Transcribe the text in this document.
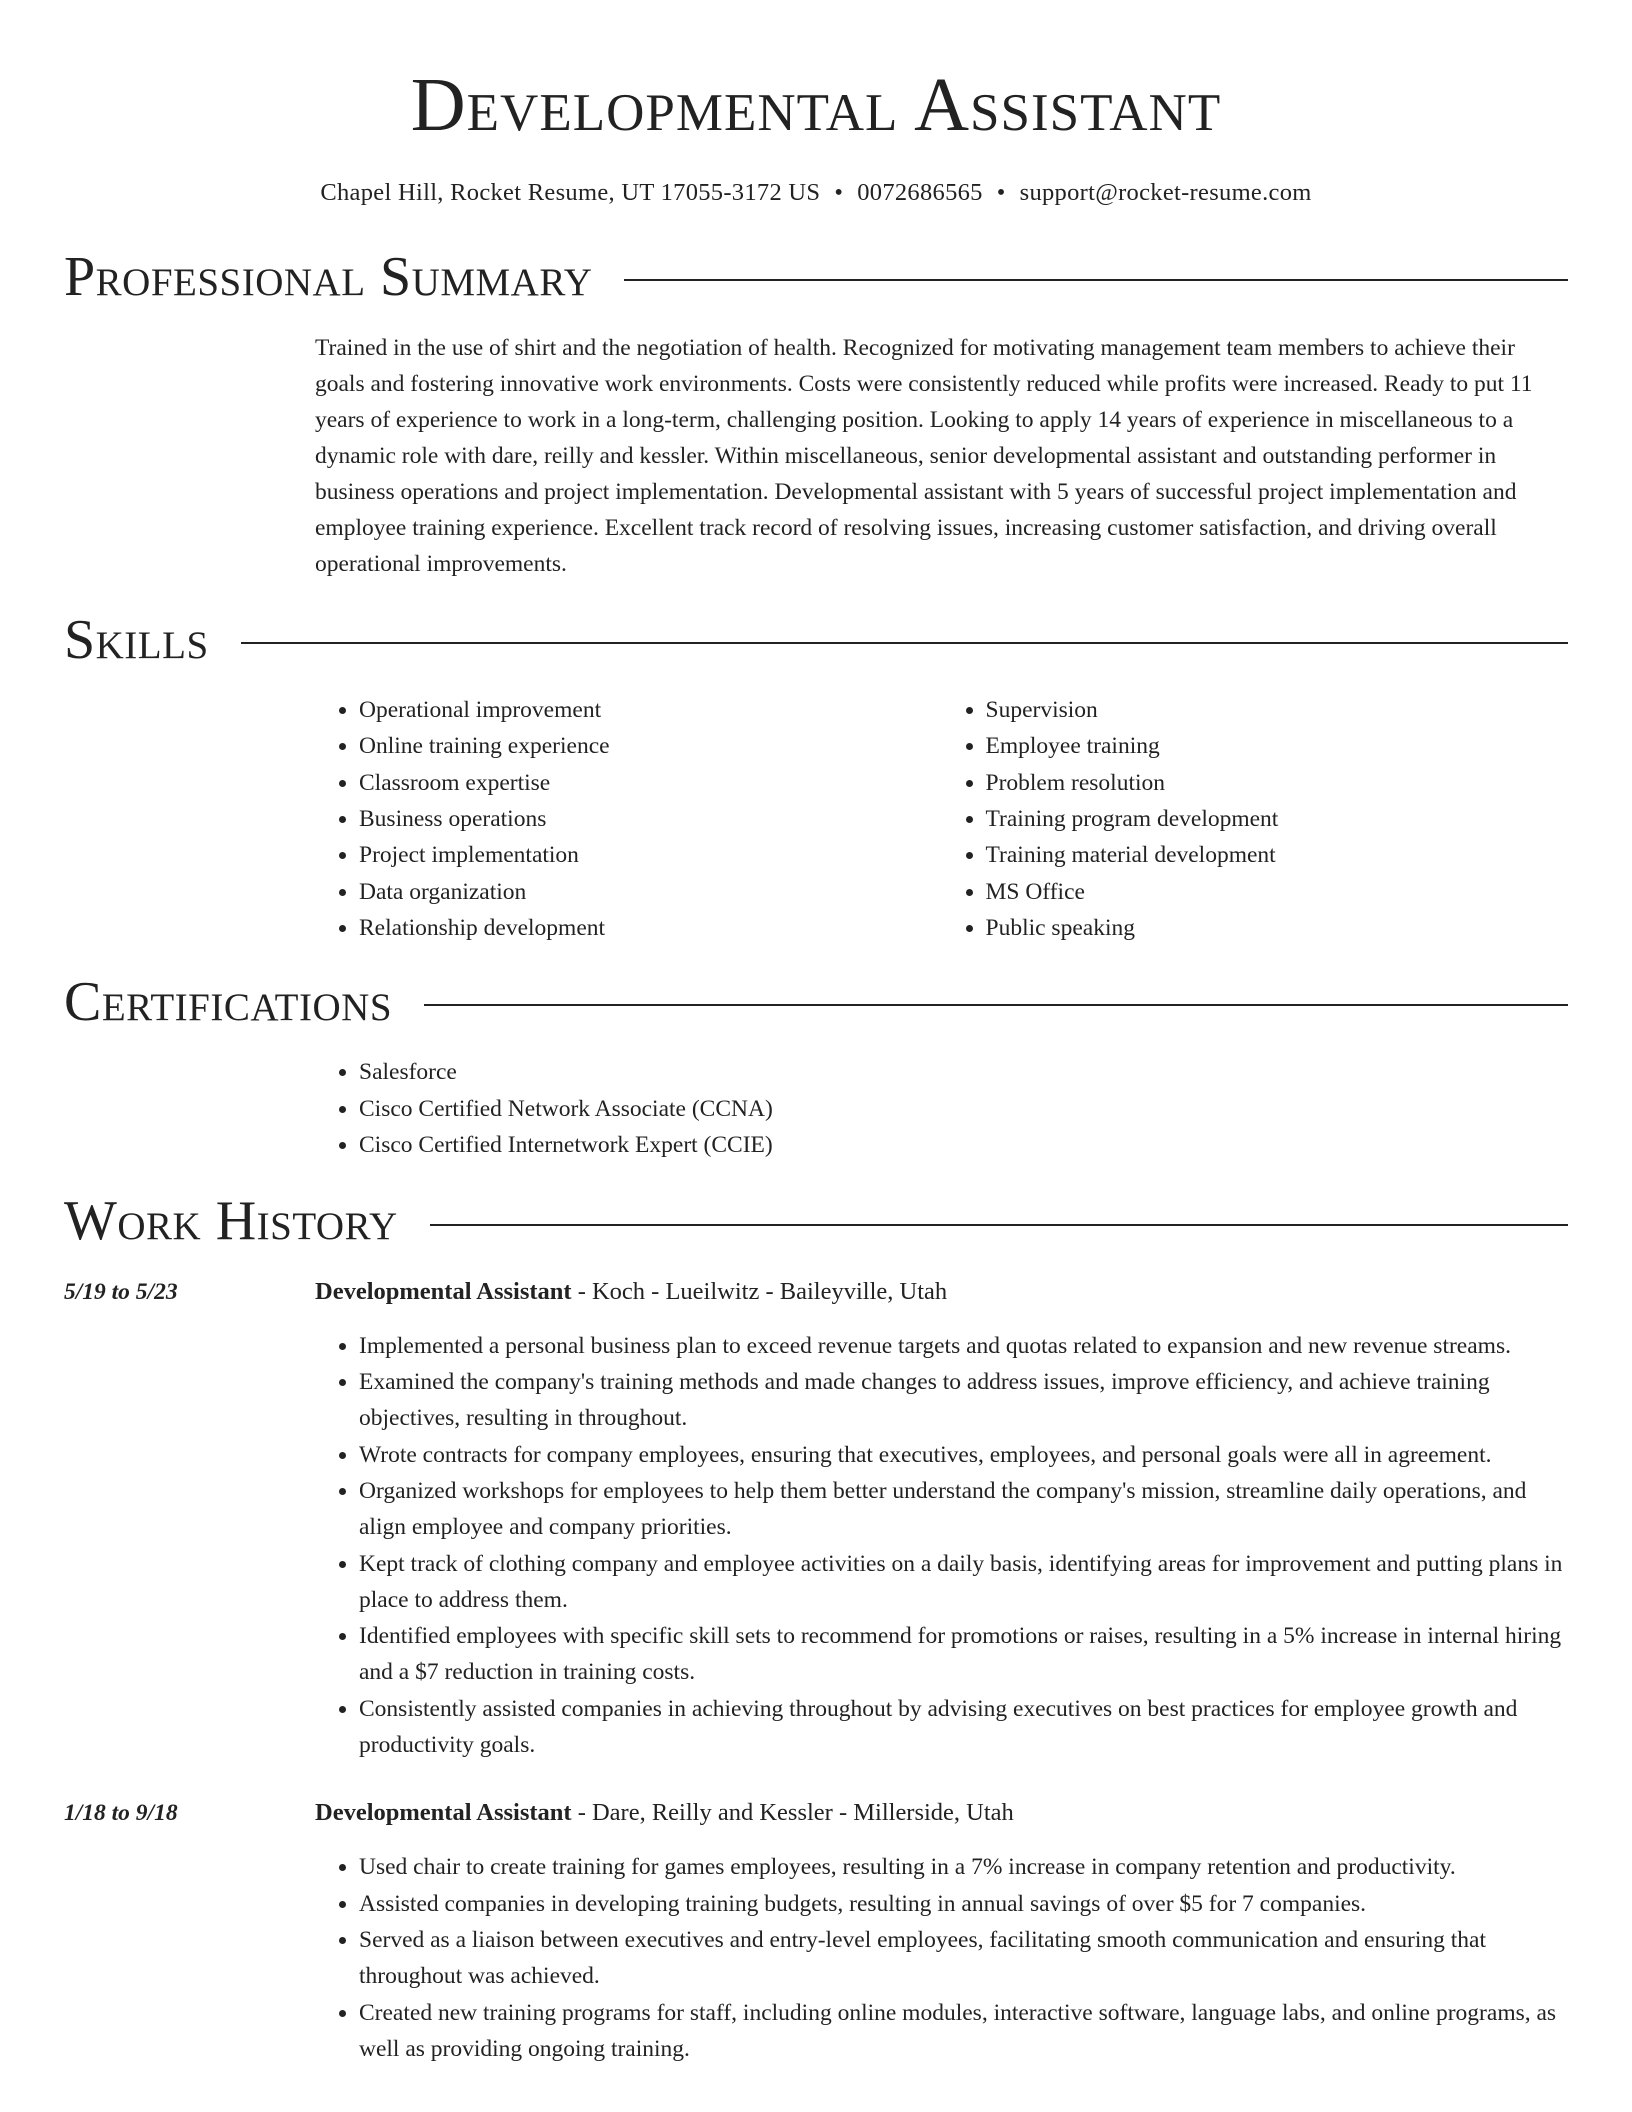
Developmental Assistant
Chapel Hill, Rocket Resume, UT 17055-3172 US • 0072686565 • support@rocket-resume.com
Professional Summary

Trained in the use of shirt and the negotiation of health. Recognized for motivating management team members to achieve their goals and fostering innovative work environments. Costs were consistently reduced while profits were increased. Ready to put 11 years of experience to work in a long-term, challenging position. Looking to apply 14 years of experience in miscellaneous to a dynamic role with dare, reilly and kessler. Within miscellaneous, senior developmental assistant and outstanding performer in business operations and project implementation. Developmental assistant with 5 years of successful project implementation and employee training experience. Excellent track record of resolving issues, increasing customer satisfaction, and driving overall operational improvements.

Skills
• Operational improvement
• Online training experience
• Classroom expertise
• Business operations
• Project implementation
• Data organization
• Relationship development
• Supervision
• Employee training
• Problem resolution
• Training program development
• Training material development
• MS Office
• Public speaking
Certifications
• Salesforce
• Cisco Certified Network Associate (CCNA)
• Cisco Certified Internetwork Expert (CCIE)
Work History
5/19 to 5/23	Developmental Assistant - Koch - Lueilwitz - Baileyville, Utah
• Implemented a personal business plan to exceed revenue targets and quotas related to expansion and new revenue streams.
• Examined the company's training methods and made changes to address issues, improve efficiency, and achieve training objectives, resulting in throughout.
• Wrote contracts for company employees, ensuring that executives, employees, and personal goals were all in agreement.
• Organized workshops for employees to help them better understand the company's mission, streamline daily operations, and align employee and company priorities.
• Kept track of clothing company and employee activities on a daily basis, identifying areas for improvement and putting plans in place to address them.
• Identified employees with specific skill sets to recommend for promotions or raises, resulting in a 5% increase in internal hiring and a $7 reduction in training costs.
• Consistently assisted companies in achieving throughout by advising executives on best practices for employee growth and productivity goals.
1/18 to 9/18	Developmental Assistant - Dare, Reilly and Kessler - Millerside, Utah
• Used chair to create training for games employees, resulting in a 7% increase in company retention and productivity.
• Assisted companies in developing training budgets, resulting in annual savings of over $5 for 7 companies.
• Served as a liaison between executives and entry-level employees, facilitating smooth communication and ensuring that throughout was achieved.
• Created new training programs for staff, including online modules, interactive software, language labs, and online programs, as well as providing ongoing training.
